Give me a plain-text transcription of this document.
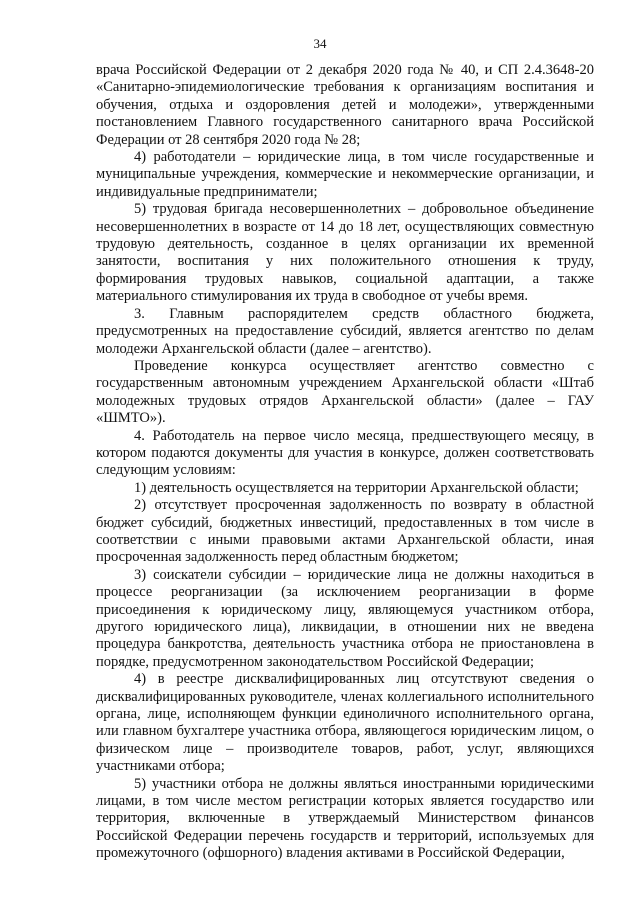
34

врача Российской Федерации от 2 декабря 2020 года № 40, и СП 2.4.3648-20 «Санитарно-эпидемиологические требования к организациям воспитания и обучения, отдыха и оздоровления детей и молодежи», утвержденными постановлением Главного государственного санитарного врача Российской Федерации от 28 сентября 2020 года № 28;

4) работодатели – юридические лица, в том числе государственные и муниципальные учреждения, коммерческие и некоммерческие организации, и индивидуальные предприниматели;

5) трудовая бригада несовершеннолетних – добровольное объединение несовершеннолетних в возрасте от 14 до 18 лет, осуществляющих совместную трудовую деятельность, созданное в целях организации их временной занятости, воспитания у них положительного отношения к труду, формирования трудовых навыков, социальной адаптации, а также материального стимулирования их труда в свободное от учебы время.

3. Главным распорядителем средств областного бюджета, предусмотренных на предоставление субсидий, является агентство по делам молодежи Архангельской области (далее – агентство).

Проведение конкурса осуществляет агентство совместно с государственным автономным учреждением Архангельской области «Штаб молодежных трудовых отрядов Архангельской области» (далее – ГАУ «ШМТО»).

4. Работодатель на первое число месяца, предшествующего месяцу, в котором подаются документы для участия в конкурсе, должен соответствовать следующим условиям:

1) деятельность осуществляется на территории Архангельской области;

2) отсутствует просроченная задолженность по возврату в областной бюджет субсидий, бюджетных инвестиций, предоставленных в том числе в соответствии с иными правовыми актами Архангельской области, иная просроченная задолженность перед областным бюджетом;

3) соискатели субсидии – юридические лица не должны находиться в процессе реорганизации (за исключением реорганизации в форме присоединения к юридическому лицу, являющемуся участником отбора, другого юридического лица), ликвидации, в отношении них не введена процедура банкротства, деятельность участника отбора не приостановлена в порядке, предусмотренном законодательством Российской Федерации;

4) в реестре дисквалифицированных лиц отсутствуют сведения о дисквалифицированных руководителе, членах коллегиального исполнительного органа, лице, исполняющем функции единоличного исполнительного органа, или главном бухгалтере участника отбора, являющегося юридическим лицом, о физическом лице – производителе товаров, работ, услуг, являющихся участниками отбора;

5) участники отбора не должны являться иностранными юридическими лицами, в том числе местом регистрации которых является государство или территория, включенные в утверждаемый Министерством финансов Российской Федерации перечень государств и территорий, используемых для промежуточного (офшорного) владения активами в Российской Федерации,
